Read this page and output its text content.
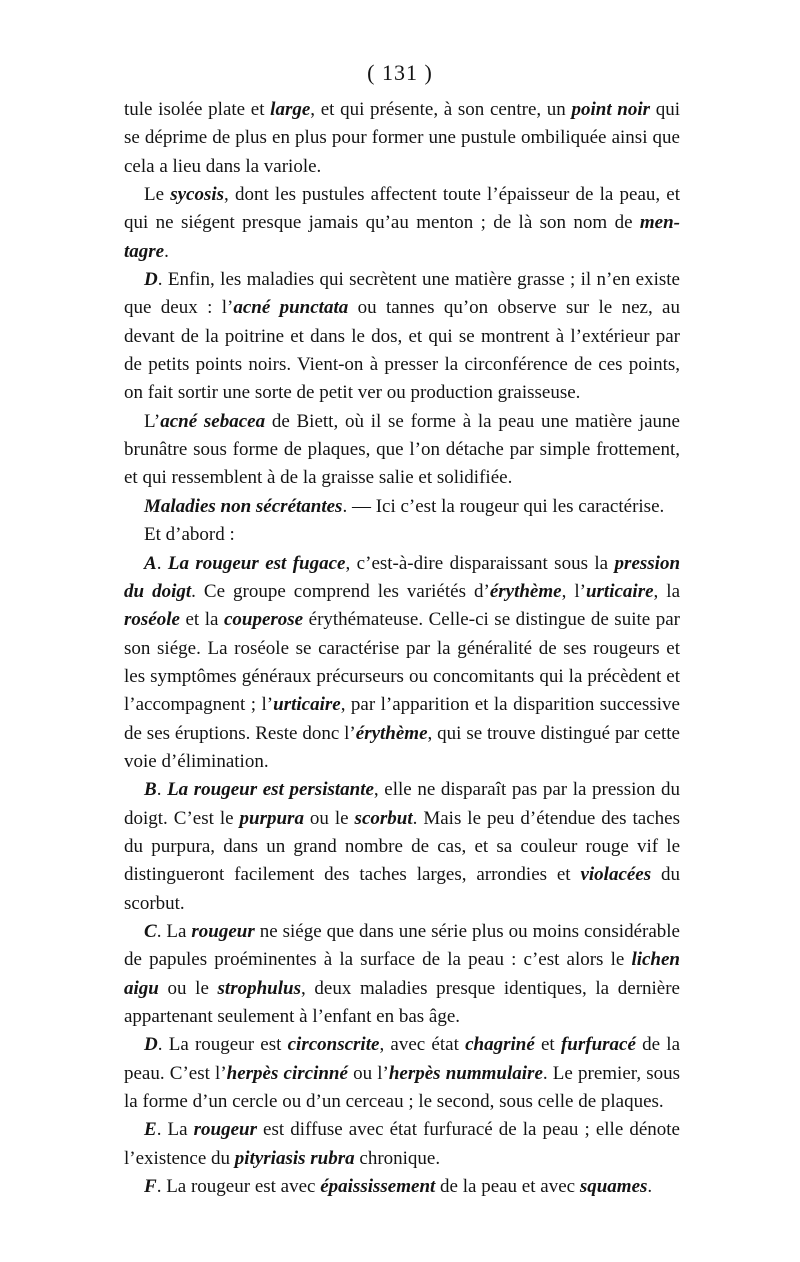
( 131 )

tule isolée plate et large, et qui présente, à son centre, un point noir qui se déprime de plus en plus pour former une pustule ombiliquée ainsi que cela a lieu dans la variole.

Le sycosis, dont les pustules affectent toute l’épaisseur de la peau, et qui ne siégent presque jamais qu’au menton ; de là son nom de mentagre.

D. Enfin, les maladies qui secrètent une matière grasse ; il n’en existe que deux : l’acné punctata ou tannes qu’on observe sur le nez, au devant de la poitrine et dans le dos, et qui se montrent à l’extérieur par de petits points noirs. Vient-on à presser la circonférence de ces points, on fait sortir une sorte de petit ver ou production graisseuse.

L’acné sebacea de Biett, où il se forme à la peau une matière jaune brunâtre sous forme de plaques, que l’on détache par simple frottement, et qui ressemblent à de la graisse salie et solidifiée.

Maladies non sécrétantes. — Ici c’est la rougeur qui les caractérise.

Et d’abord :

A. La rougeur est fugace, c’est-à-dire disparaissant sous la pression du doigt. Ce groupe comprend les variétés d’érythème, l’urticaire, la roséole et la couperose érythémateuse. Celle-ci se distingue de suite par son siége. La roséole se caractérise par la généralité de ses rougeurs et les symptômes généraux précurseurs ou concomitants qui la précèdent et l’accompagnent ; l’urticaire, par l’apparition et la disparition successive de ses éruptions. Reste donc l’érythème, qui se trouve distingué par cette voie d’élimination.

B. La rougeur est persistante, elle ne disparaît pas par la pression du doigt. C’est le purpura ou le scorbut. Mais le peu d’étendue des taches du purpura, dans un grand nombre de cas, et sa couleur rouge vif le distingueront facilement des taches larges, arrondies et violacées du scorbut.

C. La rougeur ne siége que dans une série plus ou moins considérable de papules proéminentes à la surface de la peau : c’est alors le lichen aigu ou le strophulus, deux maladies presque identiques, la dernière appartenant seulement à l’enfant en bas âge.

D. La rougeur est circonscrite, avec état chagriné et furfuracé de la peau. C’est l’herpès circinné ou l’herpès nummulaire. Le premier, sous la forme d’un cercle ou d’un cerceau ; le second, sous celle de plaques.

E. La rougeur est diffuse avec état furfuracé de la peau ; elle dénote l’existence du pityriasis rubra chronique.

F. La rougeur est avec épaississement de la peau et avec squames.
